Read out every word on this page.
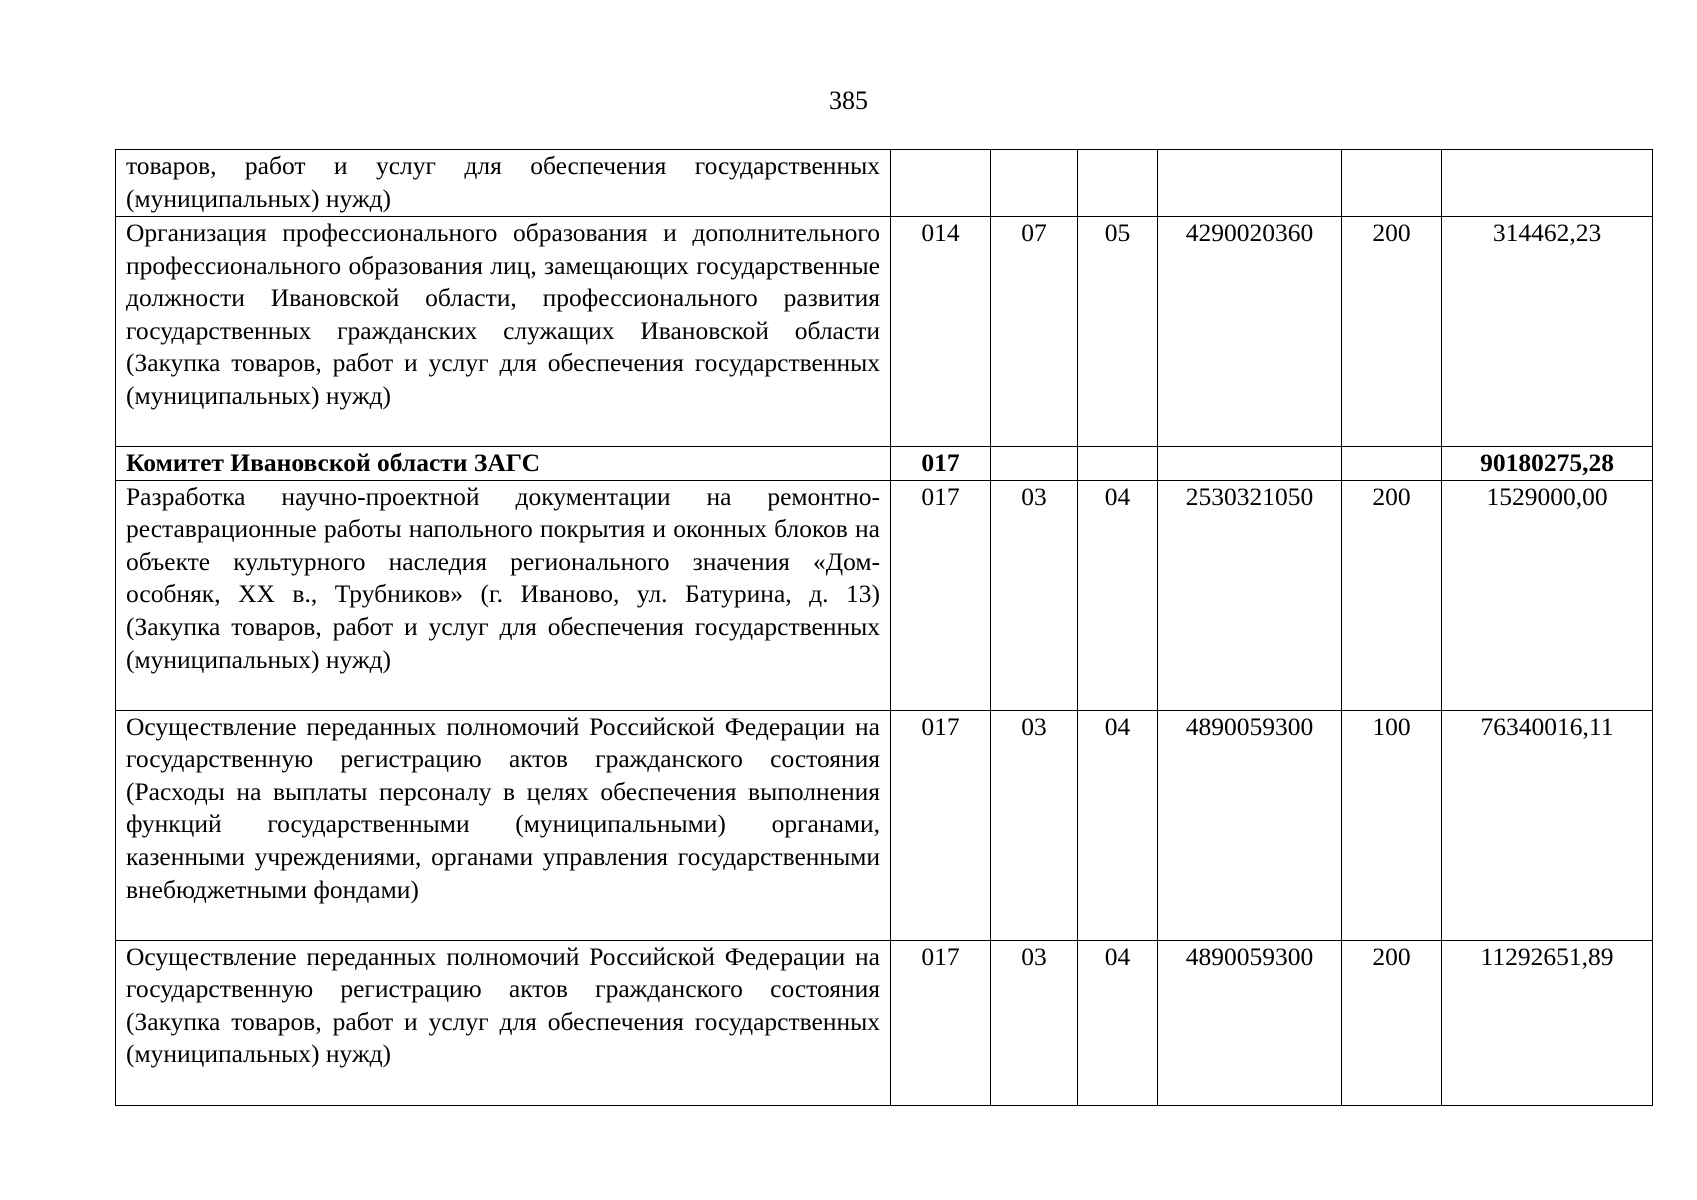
385
товаров, работ и услуг для обеспечения государственных (муниципальных) нужд)						
Организация профессионального образования и дополнительного профессионального образования лиц, замещающих государственные должности Ивановской области, профессионального развития государственных гражданских служащих Ивановской области (Закупка товаров, работ и услуг для обеспечения государственных (муниципальных) нужд)	014	07	05	4290020360	200	314462,23
Комитет Ивановской области ЗАГС	017					90180275,28
Разработка научно-проектной документации на ремонтно-реставрационные работы напольного покрытия и оконных блоков на объекте культурного наследия регионального значения «Дом-особняк, XX в., Трубников» (г. Иваново, ул. Батурина, д. 13) (Закупка товаров, работ и услуг для обеспечения государственных (муниципальных) нужд)	017	03	04	2530321050	200	1529000,00
Осуществление переданных полномочий Российской Федерации на государственную регистрацию актов гражданского состояния (Расходы на выплаты персоналу в целях обеспечения выполнения функций государственными (муниципальными) органами, казенными учреждениями, органами управления государственными внебюджетными фондами)	017	03	04	4890059300	100	76340016,11
Осуществление переданных полномочий Российской Федерации на государственную регистрацию актов гражданского состояния (Закупка товаров, работ и услуг для обеспечения государственных (муниципальных) нужд)	017	03	04	4890059300	200	11292651,89
